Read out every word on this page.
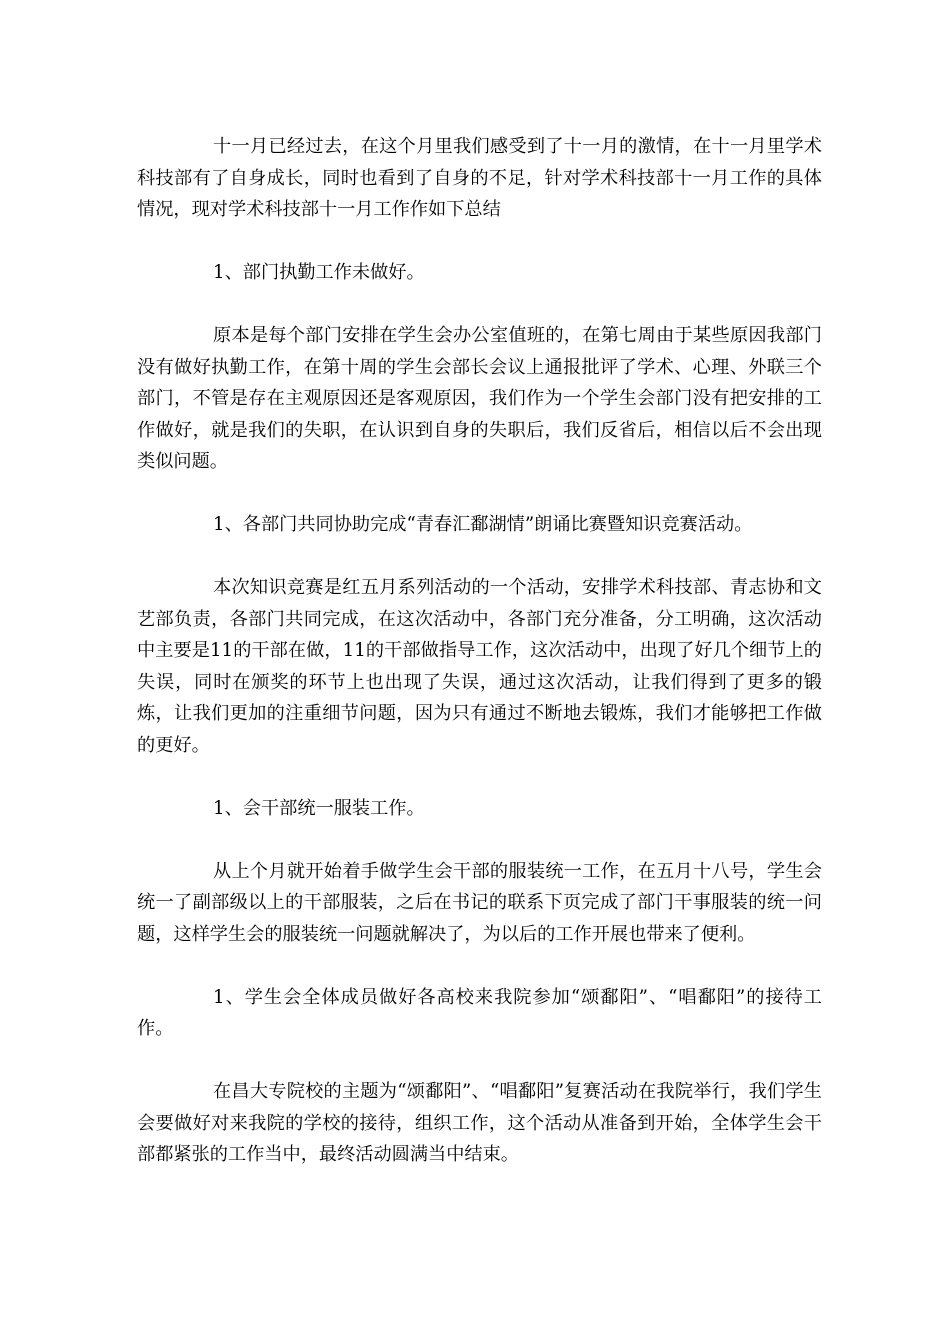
十一月已经过去，在这个月里我们感受到了十一月的激情，在十一月里学术科技部有了自身成长，同时也看到了自身的不足，针对学术科技部十一月工作的具体情况，现对学术科技部十一月工作作如下总结

1、部门执勤工作未做好。

原本是每个部门安排在学生会办公室值班的，在第七周由于某些原因我部门没有做好执勤工作，在第十周的学生会部长会议上通报批评了学术、心理、外联三个部门，不管是存在主观原因还是客观原因，我们作为一个学生会部门没有把安排的工作做好，就是我们的失职，在认识到自身的失职后，我们反省后，相信以后不会出现类似问题。

1、各部门共同协助完成“青春汇鄱湖情”朗诵比赛暨知识竞赛活动。

本次知识竞赛是红五月系列活动的一个活动，安排学术科技部、青志协和文艺部负责，各部门共同完成，在这次活动中，各部门充分准备，分工明确，这次活动中主要是11的干部在做，11的干部做指导工作，这次活动中，出现了好几个细节上的失误，同时在颁奖的环节上也出现了失误，通过这次活动，让我们得到了更多的锻炼，让我们更加的注重细节问题，因为只有通过不断地去锻炼，我们才能够把工作做的更好。

1、会干部统一服装工作。

从上个月就开始着手做学生会干部的服装统一工作，在五月十八号，学生会统一了副部级以上的干部服装，之后在书记的联系下页完成了部门干事服装的统一问题，这样学生会的服装统一问题就解决了，为以后的工作开展也带来了便利。

1、学生会全体成员做好各高校来我院参加“颂鄱阳”、“唱鄱阳”的接待工作。

在昌大专院校的主题为“颂鄱阳”、“唱鄱阳”复赛活动在我院举行，我们学生会要做好对来我院的学校的接待，组织工作，这个活动从准备到开始，全体学生会干部都紧张的工作当中，最终活动圆满当中结束。
